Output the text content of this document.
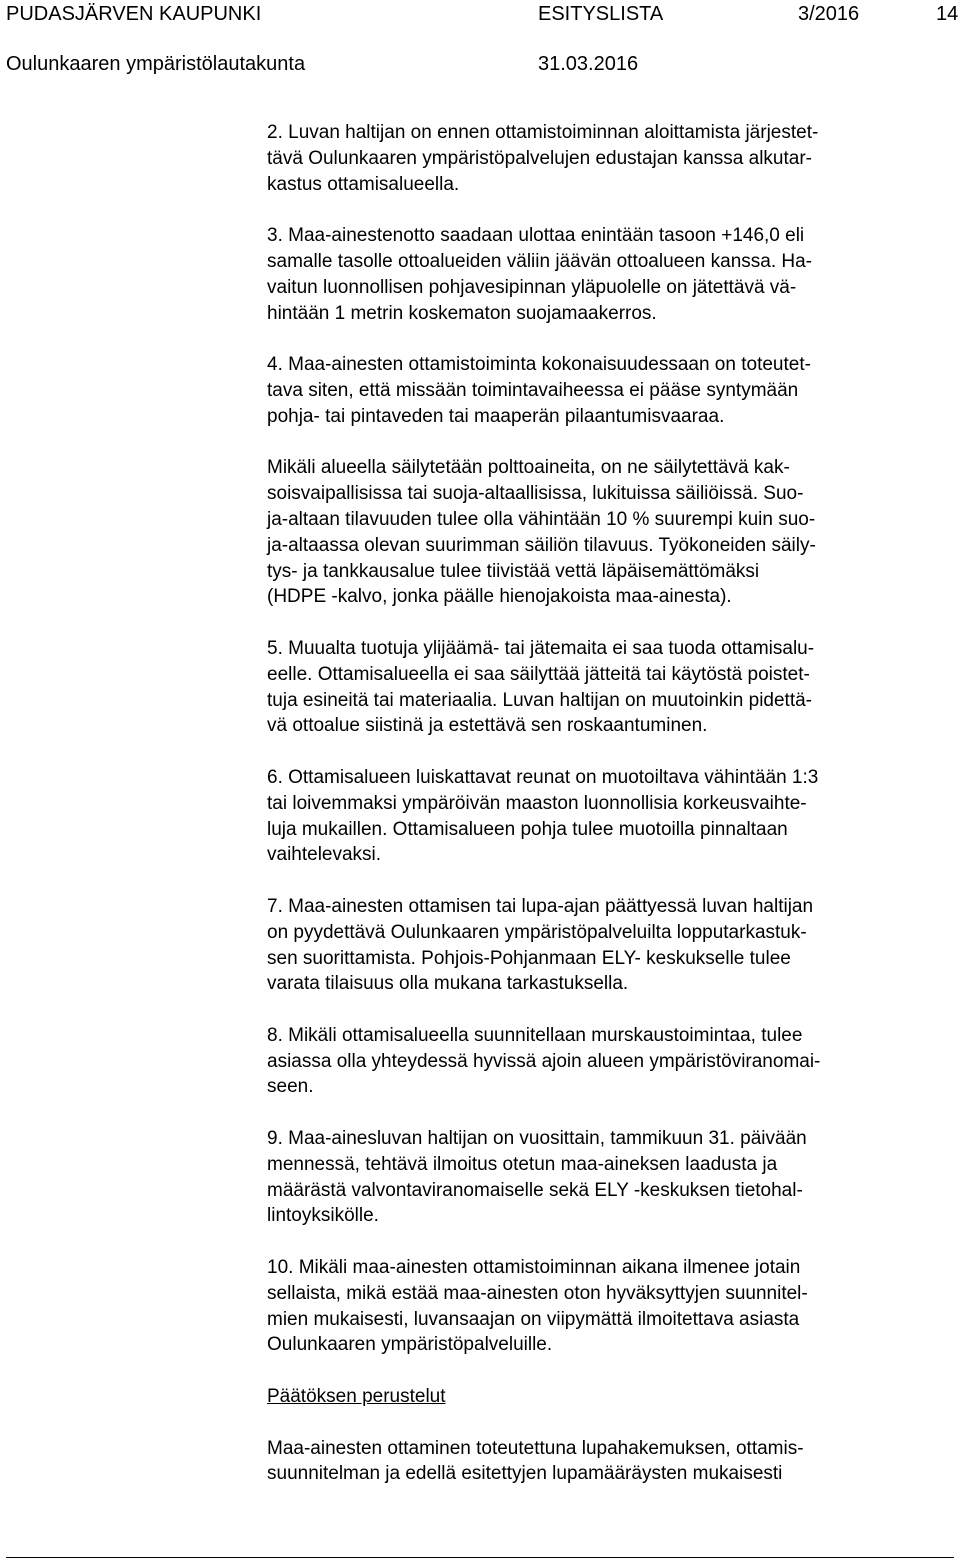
PUDASJÄRVEN KAUPUNKI	ESITYSLISTA	3/2016	14
Oulunkaaren ympäristölautakunta	31.03.2016

2. Luvan haltijan on ennen ottamistoiminnan aloittamista järjestet-
tävä Oulunkaaren ympäristöpalvelujen edustajan kanssa alkutar-
kastus ottamisalueella.

3. Maa-ainestenotto saadaan ulottaa enintään tasoon +146,0 eli
samalle tasolle ottoalueiden väliin jäävän ottoalueen kanssa. Ha-
vaitun luonnollisen pohjavesipinnan yläpuolelle on jätettävä vä-
hintään 1 metrin koskematon suojamaakerros.

4. Maa-ainesten ottamistoiminta kokonaisuudessaan on toteutet-
tava siten, että missään toimintavaiheessa ei pääse syntymään
pohja- tai pintaveden tai maaperän pilaantumisvaaraa.

Mikäli alueella säilytetään polttoaineita, on ne säilytettävä kak-
soisvaipallisissa tai suoja-altaallisissa, lukituissa säiliöissä. Suo-
ja-altaan tilavuuden tulee olla vähintään 10 % suurempi kuin suo-
ja-altaassa olevan suurimman säiliön tilavuus. Työkoneiden säily-
tys- ja tankkausalue tulee tiivistää vettä läpäisemättömäksi
(HDPE -kalvo, jonka päälle hienojakoista maa-ainesta).

5. Muualta tuotuja ylijäämä- tai jätemaita ei saa tuoda ottamisalu-
eelle. Ottamisalueella ei saa säilyttää jätteitä tai käytöstä poistet-
tuja esineitä tai materiaalia. Luvan haltijan on muutoinkin pidettä-
vä ottoalue siistinä ja estettävä sen roskaantuminen.

6. Ottamisalueen luiskattavat reunat on muotoiltava vähintään 1:3
tai loivemmaksi ympäröivän maaston luonnollisia korkeusvaihte-
luja mukaillen. Ottamisalueen pohja tulee muotoilla pinnaltaan
vaihtelevaksi.

7. Maa-ainesten ottamisen tai lupa-ajan päättyessä luvan haltijan
on pyydettävä Oulunkaaren ympäristöpalveluilta lopputarkastuk-
sen suorittamista. Pohjois-Pohjanmaan ELY- keskukselle tulee
varata tilaisuus olla mukana tarkastuksella.

8. Mikäli ottamisalueella suunnitellaan murskaustoimintaa, tulee
asiassa olla yhteydessä hyvissä ajoin alueen ympäristöviranomai-
seen.

9. Maa-ainesluvan haltijan on vuosittain, tammikuun 31. päivään
mennessä, tehtävä ilmoitus otetun maa-aineksen laadusta ja
määrästä valvontaviranomaiselle sekä ELY -keskuksen tietohal-
lintoyksikölle.

10. Mikäli maa-ainesten ottamistoiminnan aikana ilmenee jotain
sellaista, mikä estää maa-ainesten oton hyväksyttyjen suunnitel-
mien mukaisesti, luvansaajan on viipymättä ilmoitettava asiasta
Oulunkaaren ympäristöpalveluille.

Päätöksen perustelut

Maa-ainesten ottaminen toteutettuna lupahakemuksen, ottamis-
suunnitelman ja edellä esitettyjen lupamääräysten mukaisesti
